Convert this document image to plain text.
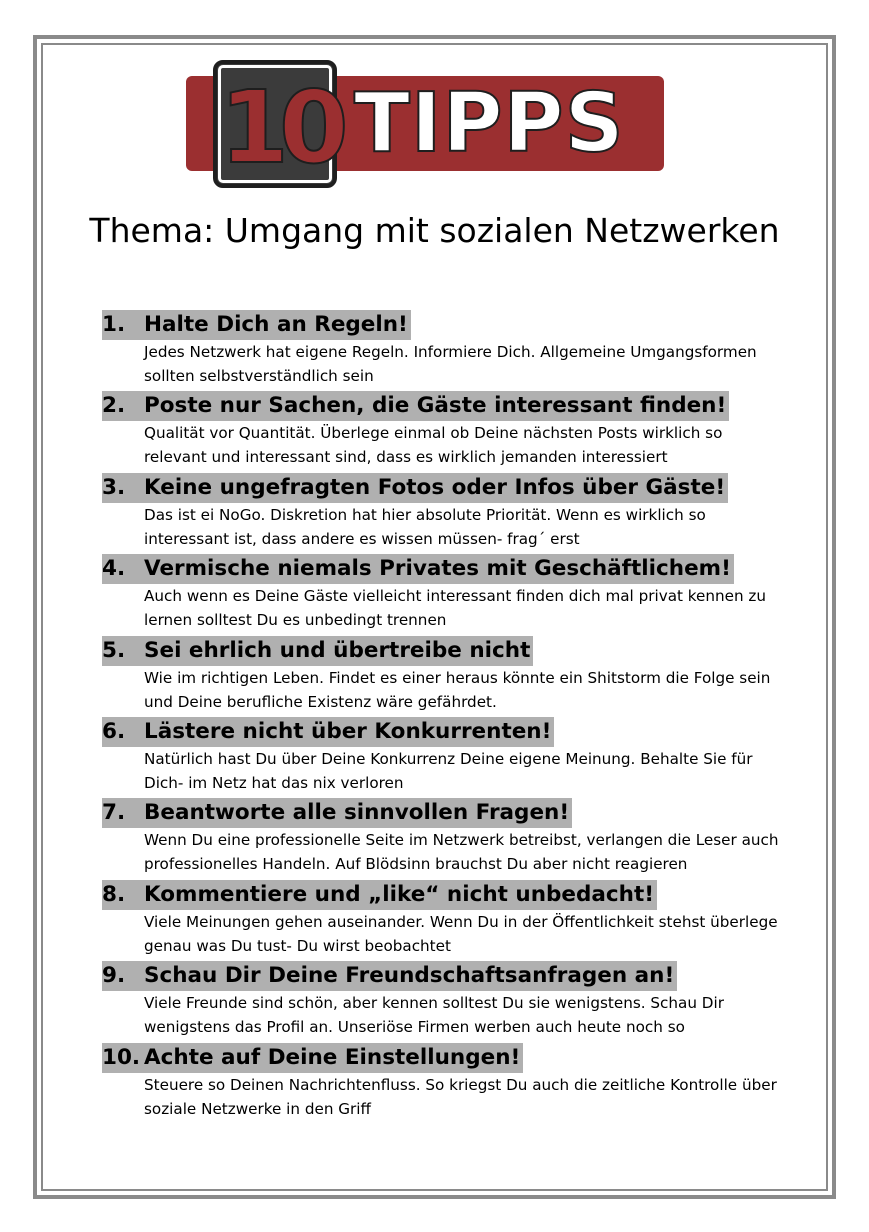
TIPPS
10
Thema: Umgang mit sozialen Netzwerken
1. Halte Dich an Regeln!
Jedes Netzwerk hat eigene Regeln. Informiere Dich. Allgemeine Umgangsformen sollten selbstverständlich sein
2. Poste nur Sachen, die Gäste interessant finden!
Qualität vor Quantität. Überlege einmal ob Deine nächsten Posts wirklich so relevant und interessant sind, dass es wirklich jemanden interessiert
3. Keine ungefragten Fotos oder Infos über Gäste!
Das ist ei NoGo. Diskretion hat hier absolute Priorität. Wenn es wirklich so interessant ist, dass andere es wissen müssen- frag´ erst
4. Vermische niemals Privates mit Geschäftlichem!
Auch wenn es Deine Gäste vielleicht interessant finden dich mal privat kennen zu lernen solltest Du es unbedingt trennen
5. Sei ehrlich und übertreibe nicht
Wie im richtigen Leben. Findet es einer heraus könnte ein Shitstorm die Folge sein und Deine berufliche Existenz wäre gefährdet.
6. Lästere nicht über Konkurrenten!
Natürlich hast Du über Deine Konkurrenz Deine eigene Meinung. Behalte Sie für Dich- im Netz hat das nix verloren
7. Beantworte alle sinnvollen Fragen!
Wenn Du eine professionelle Seite im Netzwerk betreibst, verlangen die Leser auch professionelles Handeln. Auf Blödsinn brauchst Du aber nicht reagieren
8. Kommentiere und „like“ nicht unbedacht!
Viele Meinungen gehen auseinander. Wenn Du in der Öffentlichkeit stehst überlege genau was Du tust- Du wirst beobachtet
9. Schau Dir Deine Freundschaftsanfragen an!
Viele Freunde sind schön, aber kennen solltest Du sie wenigstens. Schau Dir wenigstens das Profil an. Unseriöse Firmen werben auch heute noch so
10. Achte auf Deine Einstellungen!
Steuere so Deinen Nachrichtenfluss. So kriegst Du auch die zeitliche Kontrolle über soziale Netzwerke in den Griff
